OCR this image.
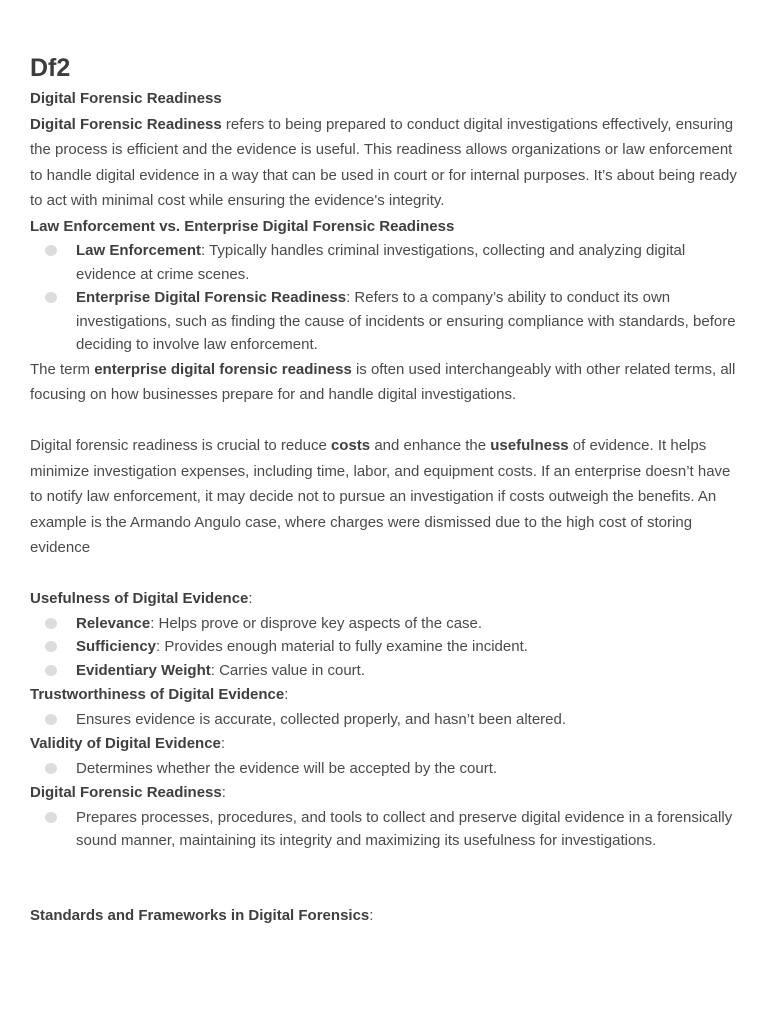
Df2

Digital Forensic Readiness

Digital Forensic Readiness refers to being prepared to conduct digital investigations effectively, ensuring the process is efficient and the evidence is useful. This readiness allows organizations or law enforcement to handle digital evidence in a way that can be used in court or for internal purposes. It’s about being ready to act with minimal cost while ensuring the evidence's integrity.

Law Enforcement vs. Enterprise Digital Forensic Readiness

Law Enforcement: Typically handles criminal investigations, collecting and analyzing digital evidence at crime scenes.
Enterprise Digital Forensic Readiness: Refers to a company’s ability to conduct its own investigations, such as finding the cause of incidents or ensuring compliance with standards, before deciding to involve law enforcement.

The term enterprise digital forensic readiness is often used interchangeably with other related terms, all focusing on how businesses prepare for and handle digital investigations.

Digital forensic readiness is crucial to reduce costs and enhance the usefulness of evidence. It helps minimize investigation expenses, including time, labor, and equipment costs. If an enterprise doesn’t have to notify law enforcement, it may decide not to pursue an investigation if costs outweigh the benefits. An example is the Armando Angulo case, where charges were dismissed due to the high cost of storing evidence

Usefulness of Digital Evidence:

Relevance: Helps prove or disprove key aspects of the case.
Sufficiency: Provides enough material to fully examine the incident.
Evidentiary Weight: Carries value in court.

Trustworthiness of Digital Evidence:

Ensures evidence is accurate, collected properly, and hasn’t been altered.

Validity of Digital Evidence:

Determines whether the evidence will be accepted by the court.

Digital Forensic Readiness:

Prepares processes, procedures, and tools to collect and preserve digital evidence in a forensically sound manner, maintaining its integrity and maximizing its usefulness for investigations.

Standards and Frameworks in Digital Forensics:
